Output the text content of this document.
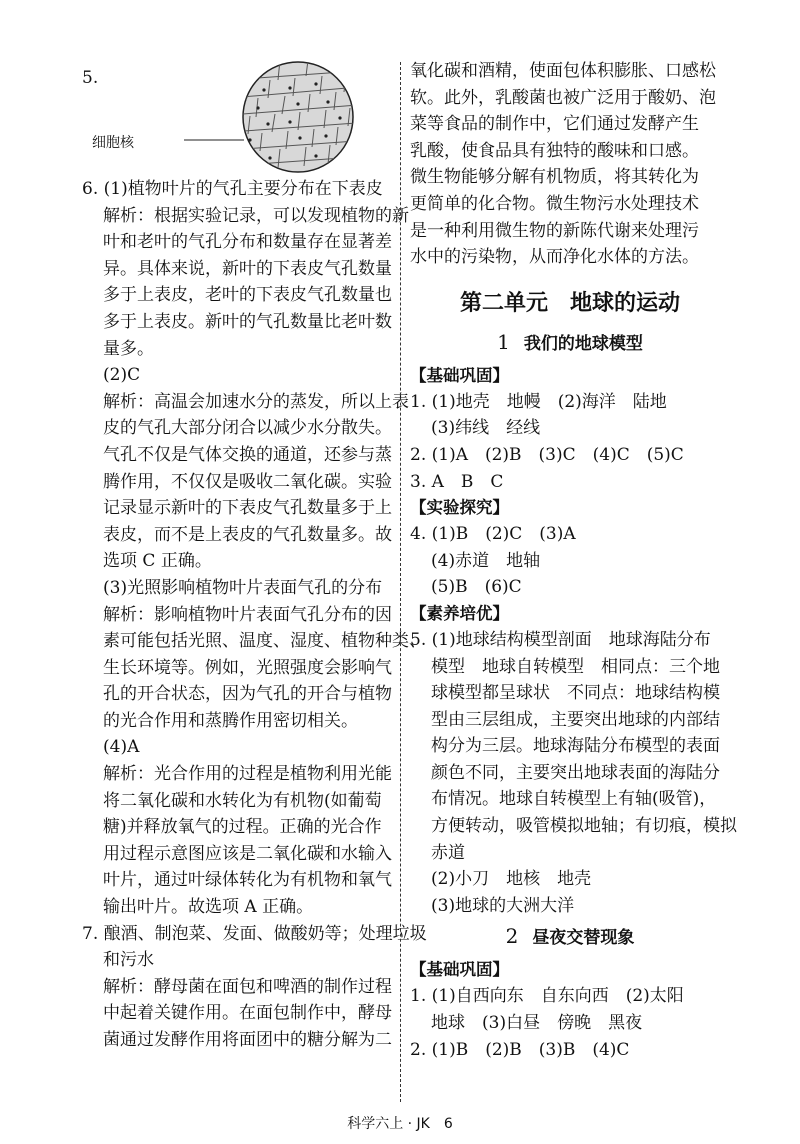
5.
细胞核
6. (1)植物叶片的气孔主要分布在下表皮
解析：根据实验记录，可以发现植物的新
叶和老叶的气孔分布和数量存在显著差
异。具体来说，新叶的下表皮气孔数量
多于上表皮，老叶的下表皮气孔数量也
多于上表皮。新叶的气孔数量比老叶数
量多。
(2)C
解析：高温会加速水分的蒸发，所以上表
皮的气孔大部分闭合以减少水分散失。
气孔不仅是气体交换的通道，还参与蒸
腾作用，不仅仅是吸收二氧化碳。实验
记录显示新叶的下表皮气孔数量多于上
表皮，而不是上表皮的气孔数量多。故
选项 C 正确。
(3)光照影响植物叶片表面气孔的分布
解析：影响植物叶片表面气孔分布的因
素可能包括光照、温度、湿度、植物种类、
生长环境等。例如，光照强度会影响气
孔的开合状态，因为气孔的开合与植物
的光合作用和蒸腾作用密切相关。
(4)A
解析：光合作用的过程是植物利用光能
将二氧化碳和水转化为有机物(如葡萄
糖)并释放氧气的过程。正确的光合作
用过程示意图应该是二氧化碳和水输入
叶片，通过叶绿体转化为有机物和氧气
输出叶片。故选项 A 正确。
7. 酿酒、制泡菜、发面、做酸奶等；处理垃圾
和污水
解析：酵母菌在面包和啤酒的制作过程
中起着关键作用。在面包制作中，酵母
菌通过发酵作用将面团中的糖分解为二
氧化碳和酒精，使面包体积膨胀、口感松
软。此外，乳酸菌也被广泛用于酸奶、泡
菜等食品的制作中，它们通过发酵产生
乳酸，使食品具有独特的酸味和口感。
微生物能够分解有机物质，将其转化为
更简单的化合物。微生物污水处理技术
是一种利用微生物的新陈代谢来处理污
水中的污染物，从而净化水体的方法。
第二单元　地球的运动
1 我们的地球模型
【基础巩固】
1. (1)地壳　地幔　(2)海洋　陆地
(3)纬线　经线
2. (1)A　(2)B　(3)C　(4)C　(5)C
3. A　B　C
【实验探究】
4. (1)B　(2)C　(3)A
(4)赤道　地轴
(5)B　(6)C
【素养培优】
5. (1)地球结构模型剖面　地球海陆分布
模型　地球自转模型　相同点：三个地
球模型都呈球状　不同点：地球结构模
型由三层组成，主要突出地球的内部结
构分为三层。地球海陆分布模型的表面
颜色不同，主要突出地球表面的海陆分
布情况。地球自转模型上有轴(吸管)，
方便转动，吸管模拟地轴；有切痕，模拟
赤道
(2)小刀　地核　地壳
(3)地球的大洲大洋
2 昼夜交替现象
【基础巩固】
1. (1)自西向东　自东向西　(2)太阳
地球　(3)白昼　傍晚　黑夜
2. (1)B　(2)B　(3)B　(4)C
科学六上 · JK　6
